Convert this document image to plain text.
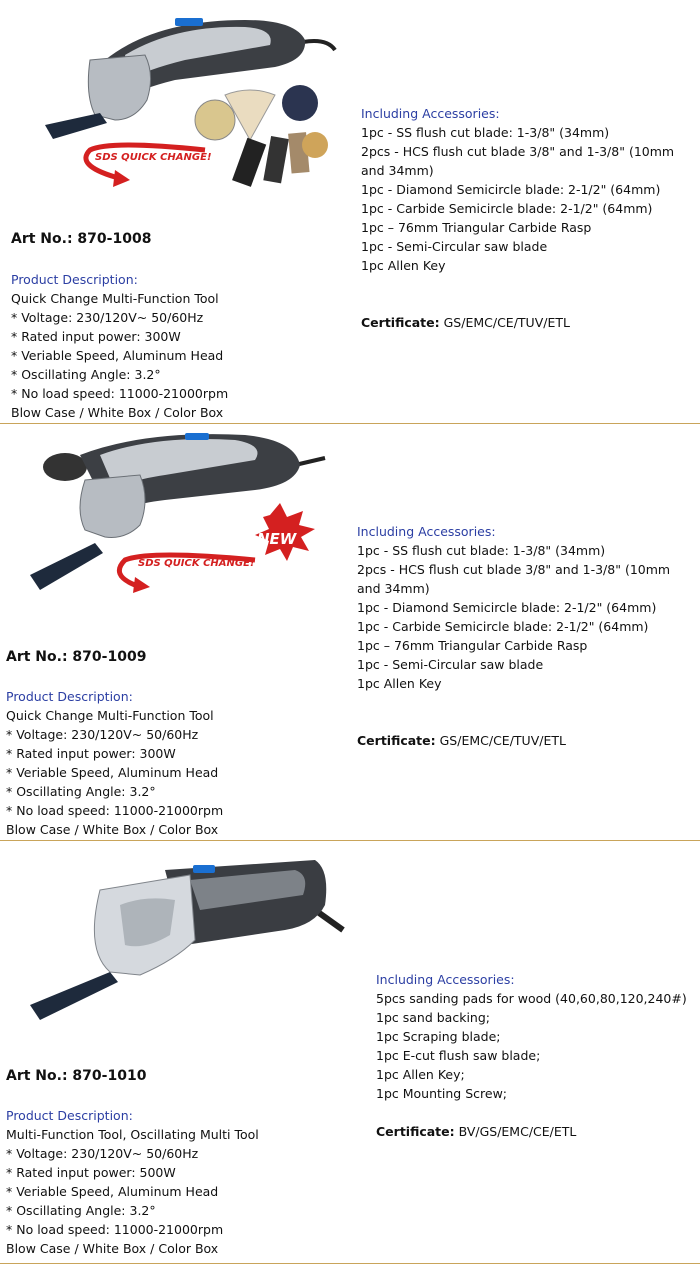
SDS QUICK CHANGE!
Art No.: 870-1008
Product Description:
Quick Change Multi-Function Tool
* Voltage: 230/120V~ 50/60Hz
* Rated input power: 300W
* Veriable Speed, Aluminum Head
* Oscillating Angle: 3.2°
* No load speed: 11000-21000rpm
Blow Case / White Box / Color Box
Including Accessories:
1pc - SS flush cut blade: 1-3/8" (34mm)
2pcs - HCS flush cut blade 3/8" and 1-3/8" (10mm and 34mm)
1pc - Diamond Semicircle blade: 2-1/2" (64mm)
1pc - Carbide Semicircle blade: 2-1/2" (64mm)
1pc – 76mm Triangular Carbide Rasp
1pc - Semi-Circular saw blade
1pc Allen Key
Certificate: GS/EMC/CE/TUV/ETL
SDS QUICK CHANGE!
NEW
Art No.: 870-1009
Product Description:
Quick Change Multi-Function Tool
* Voltage: 230/120V~ 50/60Hz
* Rated input power: 300W
* Veriable Speed, Aluminum Head
* Oscillating Angle: 3.2°
* No load speed: 11000-21000rpm
Blow Case / White Box / Color Box
Including Accessories:
1pc - SS flush cut blade: 1-3/8" (34mm)
2pcs - HCS flush cut blade 3/8" and 1-3/8" (10mm and 34mm)
1pc - Diamond Semicircle blade: 2-1/2" (64mm)
1pc - Carbide Semicircle blade: 2-1/2" (64mm)
1pc – 76mm Triangular Carbide Rasp
1pc - Semi-Circular saw blade
1pc Allen Key
Certificate: GS/EMC/CE/TUV/ETL
Art No.: 870-1010
Product Description:
Multi-Function Tool, Oscillating Multi Tool
* Voltage: 230/120V~ 50/60Hz
* Rated input power: 500W
* Veriable Speed, Aluminum Head
* Oscillating Angle: 3.2°
* No load speed: 11000-21000rpm
Blow Case / White Box / Color Box
Including Accessories:
5pcs sanding pads for wood (40,60,80,120,240#)
1pc sand backing;
1pc Scraping blade;
1pc E-cut flush saw blade;
1pc Allen Key;
1pc Mounting Screw;
Certificate: BV/GS/EMC/CE/ETL
